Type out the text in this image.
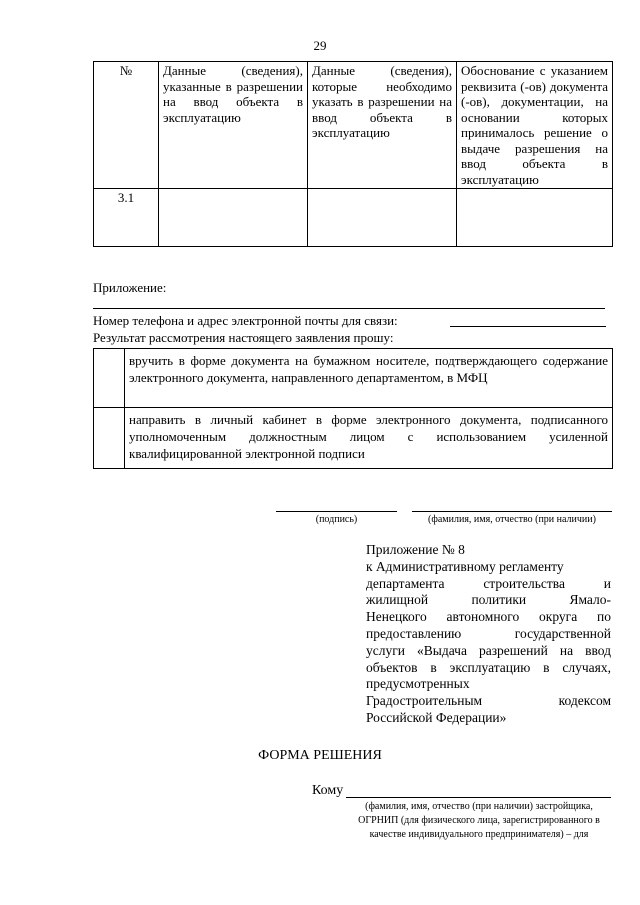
29
№	Данные (сведения), указанные в разрешении на ввод объекта в эксплуатацию	Данные (сведения), которые необходимо указать в разрешении на ввод объекта в эксплуатацию	Обоснование с указанием реквизита (-ов) документа (-ов), документации, на основании которых принималось решение о выдаче разрешения на ввод объекта в эксплуатацию
3.1			
Приложение:
Номер телефона и адрес электронной почты для связи:
Результат рассмотрения настоящего заявления прошу:
	вручить в форме документа на бумажном носителе, подтверждающего содержание электронного документа, направленного департаментом, в МФЦ
	направить в личный кабинет в форме электронного документа, подписанного уполномоченным должностным лицом с использованием усиленной квалифицированной электронной подписи
(подпись)	(фамилия, имя, отчество (при наличии)
Приложение № 8
к Административному регламенту
департамента строительства и
жилищной политики Ямало-
Ненецкого автономного округа по
предоставлению государственной
услуги «Выдача разрешений на ввод
объектов в эксплуатацию в случаях,
предусмотренных
Градостроительным кодексом
Российской Федерации»
ФОРМА РЕШЕНИЯ
Кому
(фамилия, имя, отчество (при наличии) застройщика, ОГРНИП (для физического лица, зарегистрированного в качестве индивидуального предпринимателя) – для
